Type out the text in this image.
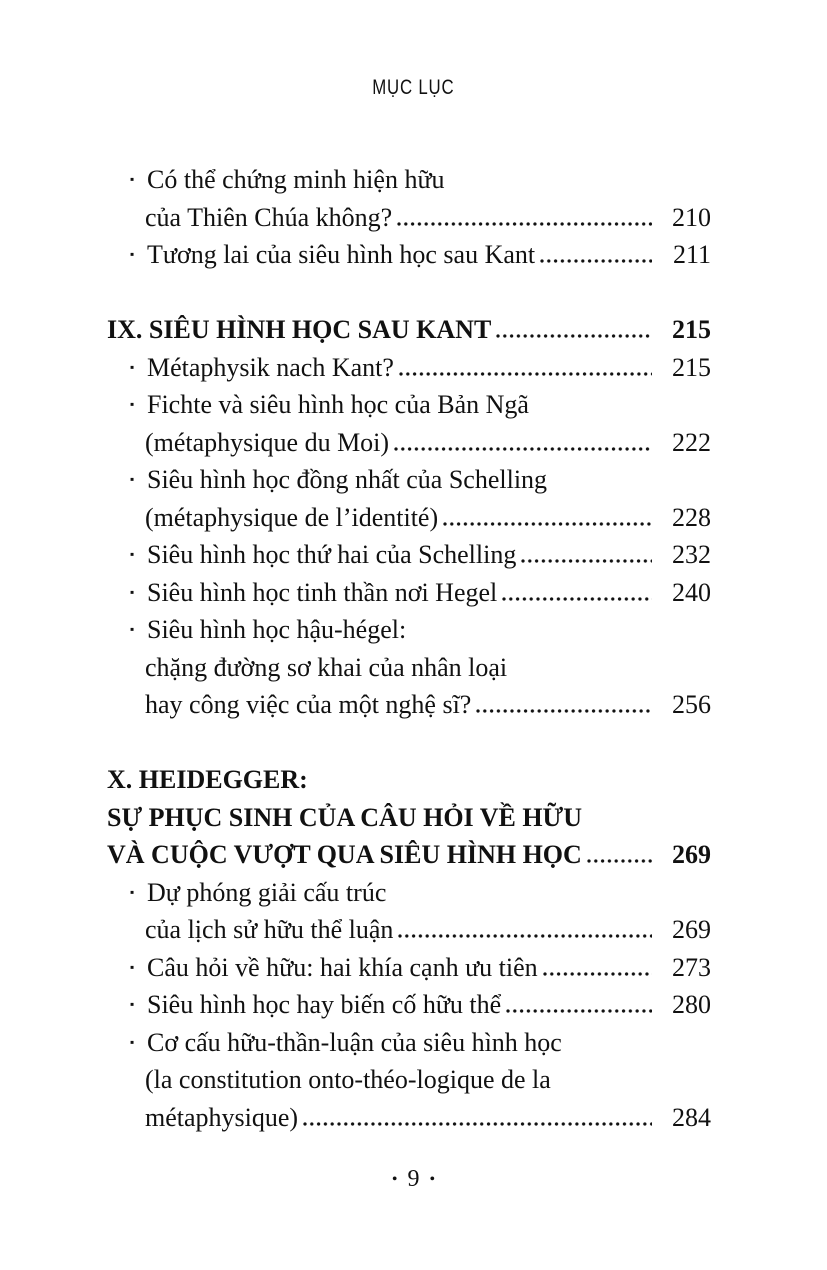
MỤC LỤC
▪ Có thể chứng minh hiện hữu
của Thiên Chúa không?	210
▪ Tương lai của siêu hình học sau Kant	211
IX. SIÊU HÌNH HỌC SAU KANT	215
▪ Métaphysik nach Kant?	215
▪ Fichte và siêu hình học của Bản Ngã
(métaphysique du Moi)	222
▪ Siêu hình học đồng nhất của Schelling
(métaphysique de l’identité)	228
▪ Siêu hình học thứ hai của Schelling	232
▪ Siêu hình học tinh thần nơi Hegel	240
▪ Siêu hình học hậu-hégel:
chặng đường sơ khai của nhân loại
hay công việc của một nghệ sĩ?	256
X. HEIDEGGER:
SỰ PHỤC SINH CỦA CÂU HỎI VỀ HỮU
VÀ CUỘC VƯỢT QUA SIÊU HÌNH HỌC	269
▪ Dự phóng giải cấu trúc
của lịch sử hữu thể luận	269
▪ Câu hỏi về hữu: hai khía cạnh ưu tiên	273
▪ Siêu hình học hay biến cố hữu thể	280
▪ Cơ cấu hữu-thần-luận của siêu hình học
(la constitution onto-théo-logique de la
métaphysique)	284
• 9 •
